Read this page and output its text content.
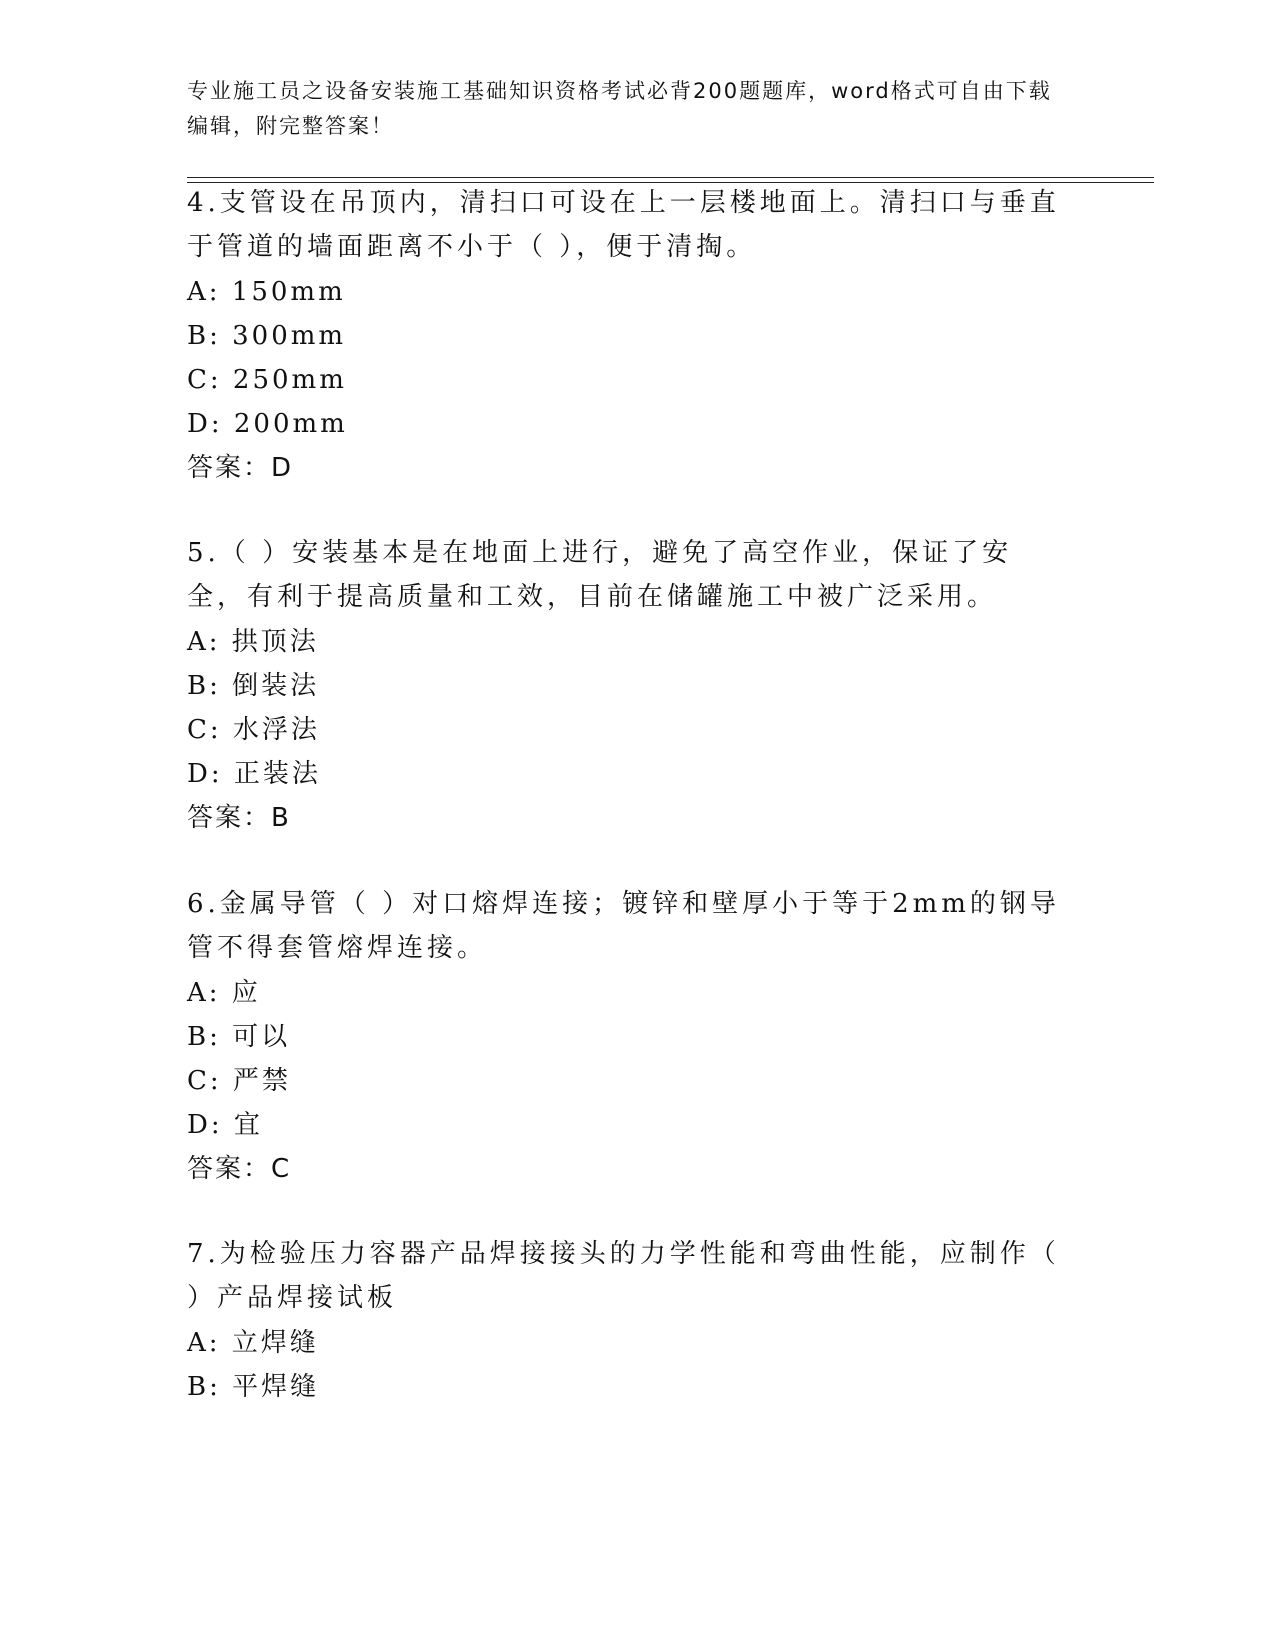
专业施工员之设备安装施工基础知识资格考试必背200题题库，word格式可自由下载编辑，附完整答案！
4.支管设在吊顶内，清扫口可设在上一层楼地面上。清扫口与垂直于管道的墙面距离不小于（ ），便于清掏。
A: 150mm
B: 300mm
C: 250mm
D: 200mm
答案：D
5.（ ）安装基本是在地面上进行，避免了高空作业，保证了安全，有利于提高质量和工效，目前在储罐施工中被广泛采用。
A: 拱顶法
B: 倒装法
C: 水浮法
D: 正装法
答案：B
6.金属导管（ ）对口熔焊连接；镀锌和壁厚小于等于2mm的钢导管不得套管熔焊连接。
A: 应
B: 可以
C: 严禁
D: 宜
答案：C
7.为检验压力容器产品焊接接头的力学性能和弯曲性能，应制作（ ）产品焊接试板
A: 立焊缝
B: 平焊缝
